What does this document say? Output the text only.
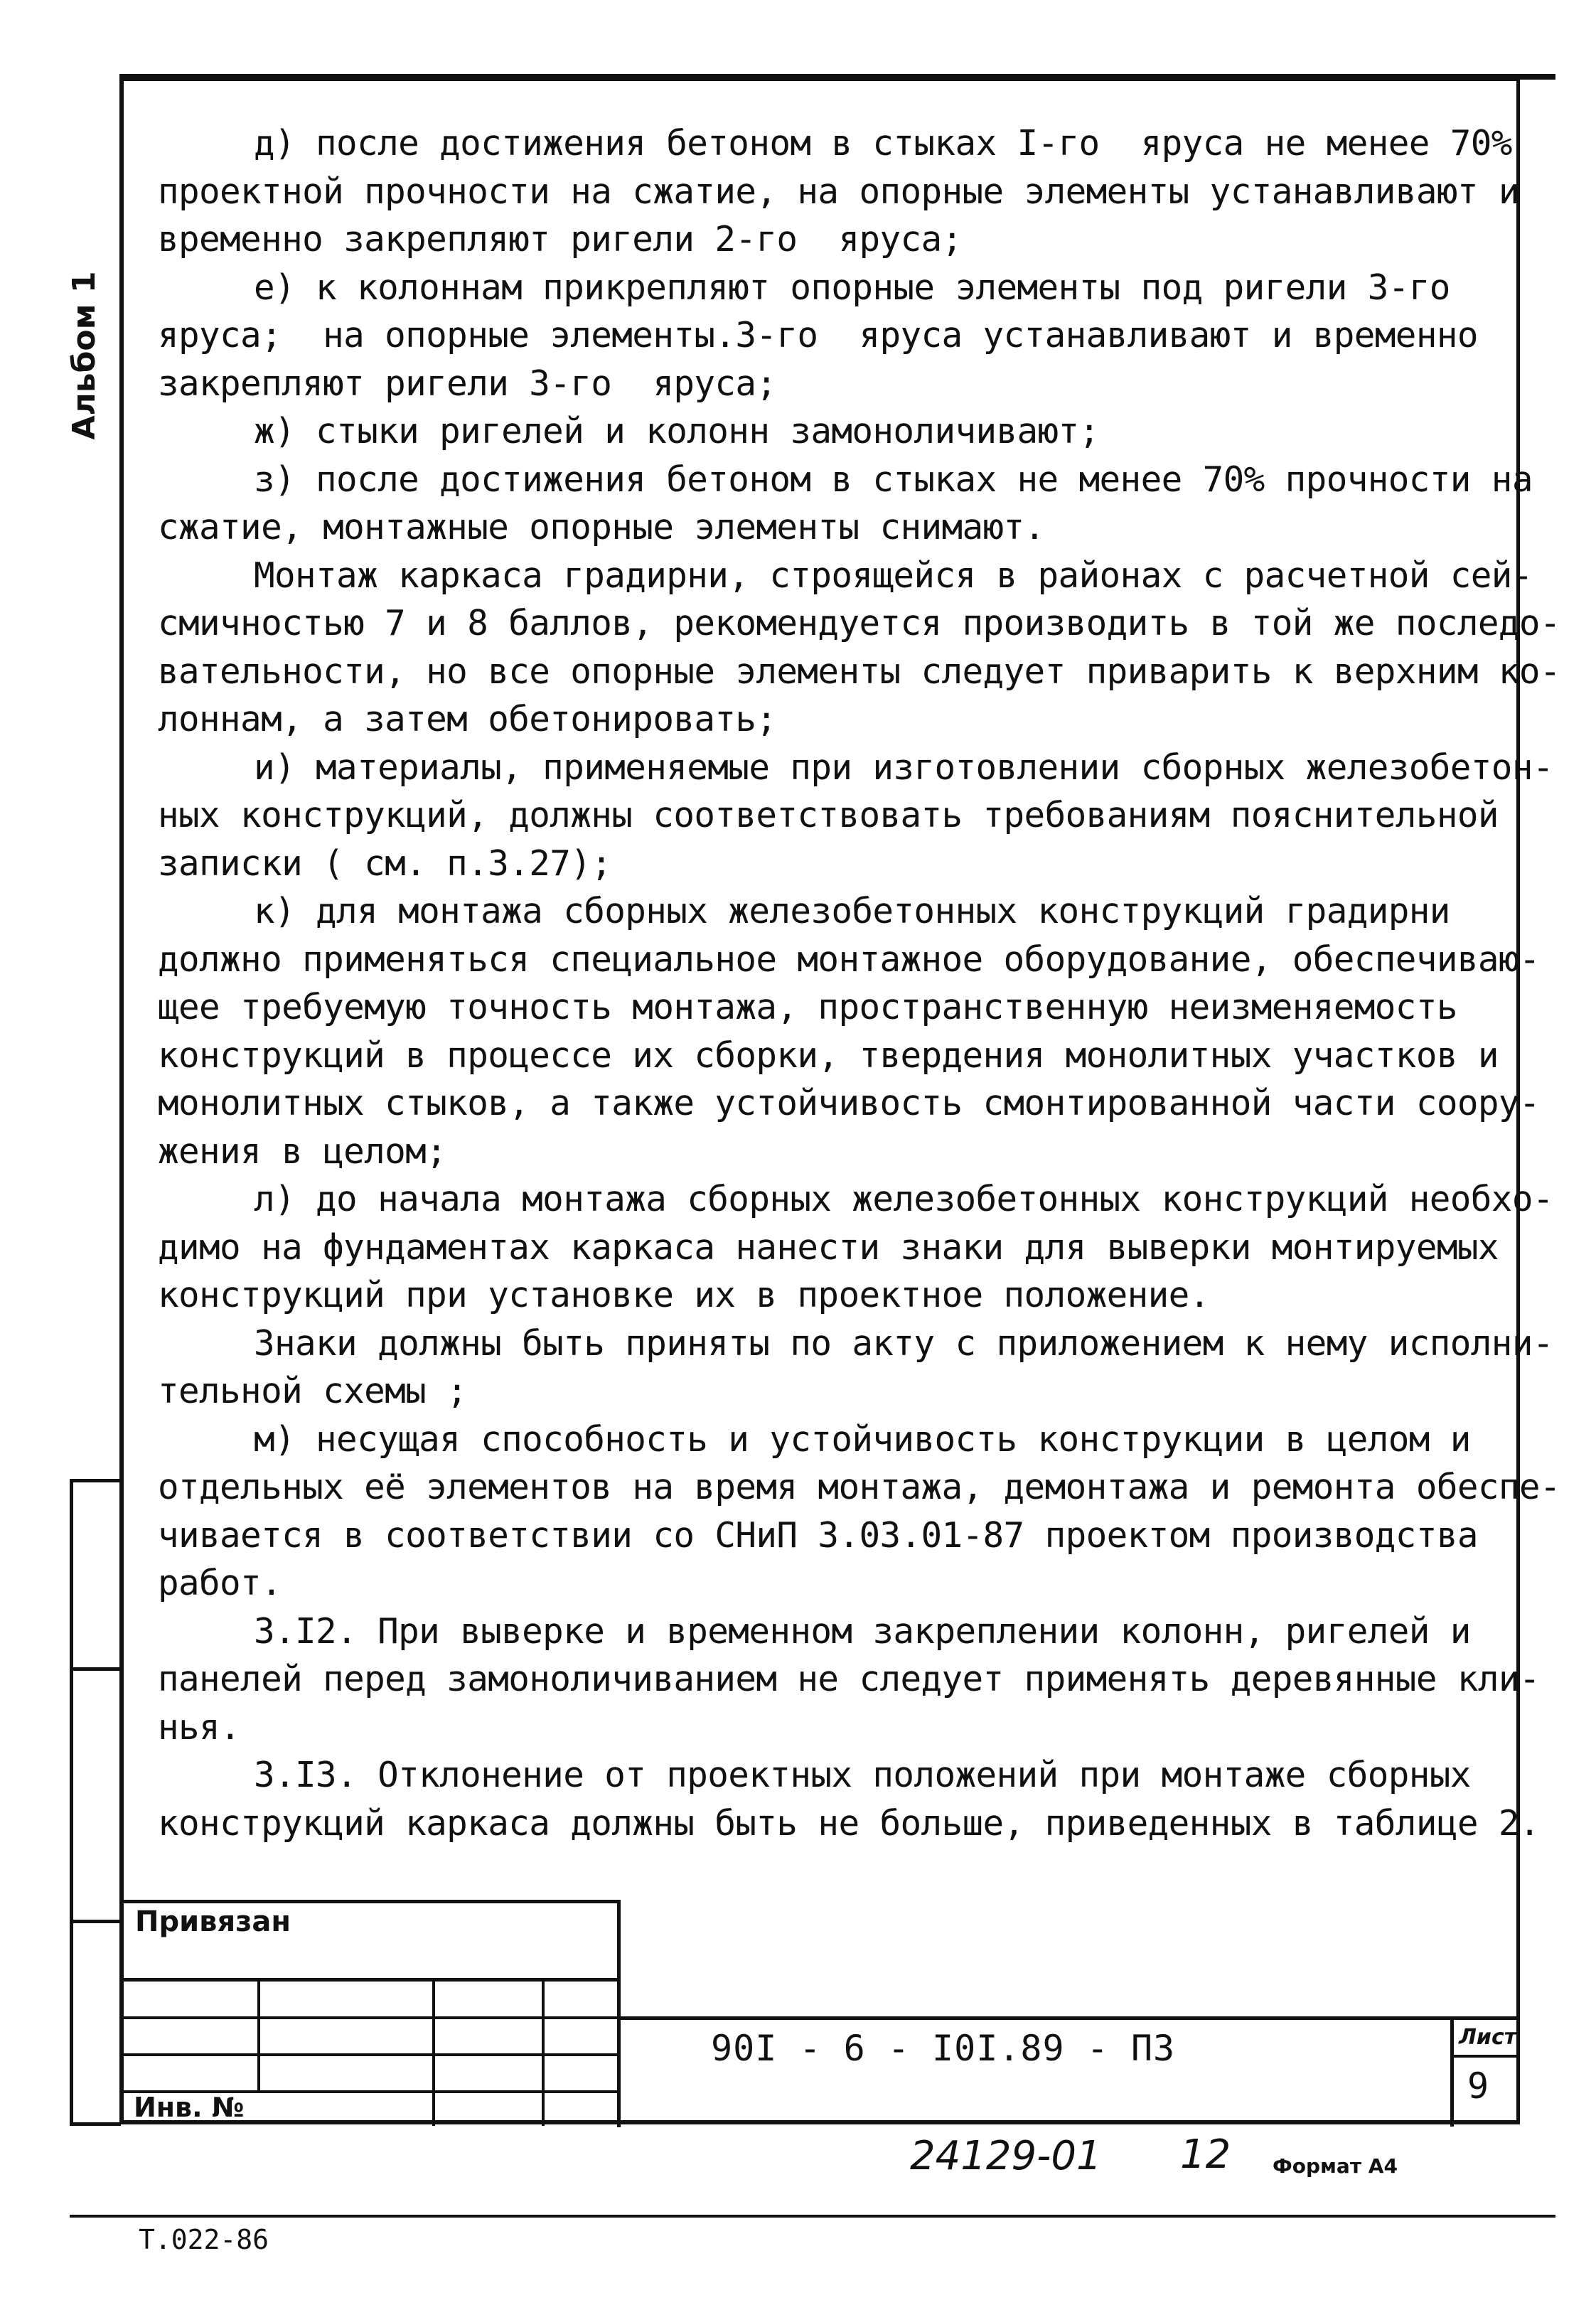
Альбом 1

д) после достижения бетоном в стыках I-го  яруса не менее 70%

проектной прочности на сжатие, на опорные элементы устанавливают и

временно закрепляют ригели 2-го  яруса;

е) к колоннам прикрепляют опорные элементы под ригели 3-го

яруса;  на опорные элементы.3-го  яруса устанавливают и временно

закрепляют ригели 3-го  яруса;

ж) стыки ригелей и колонн замоноличивают;

з) после достижения бетоном в стыках не менее 70% прочности на

сжатие, монтажные опорные элементы снимают.

Монтаж каркаса градирни, строящейся в районах с расчетной сей-

смичностью 7 и 8 баллов, рекомендуется производить в той же последо-

вательности, но все опорные элементы следует приварить к верхним ко-

лоннам, а затем обетонировать;

и) материалы, применяемые при изготовлении сборных железобетон-

ных конструкций, должны соответствовать требованиям пояснительной

записки ( см. п.3.27);

к) для монтажа сборных железобетонных конструкций градирни

должно применяться специальное монтажное оборудование, обеспечиваю-

щее требуемую точность монтажа, пространственную неизменяемость

конструкций в процессе их сборки, твердения монолитных участков и

монолитных стыков, а также устойчивость смонтированной части соору-

жения в целом;

л) до начала монтажа сборных железобетонных конструкций необхо-

димо на фундаментах каркаса нанести знаки для выверки монтируемых

конструкций при установке их в проектное положение.

Знаки должны быть приняты по акту с приложением к нему исполни-

тельной схемы ;

м) несущая способность и устойчивость конструкции в целом и

отдельных её элементов на время монтажа, демонтажа и ремонта обеспе-

чивается в соответствии со СНиП 3.03.01-87 проектом производства

работ.

3.I2. При выверке и временном закреплении колонн, ригелей и

панелей перед замоноличиванием не следует применять деревянные кли-

нья.

3.I3. Отклонение от проектных положений при монтаже сборных

конструкций каркаса должны быть не больше, приведенных в таблице 2.

Привязан
Инв. №
90I - 6 - I0I.89 - ПЗ	Лист
9
24129-01 12 Формат А4
Т.022-86
